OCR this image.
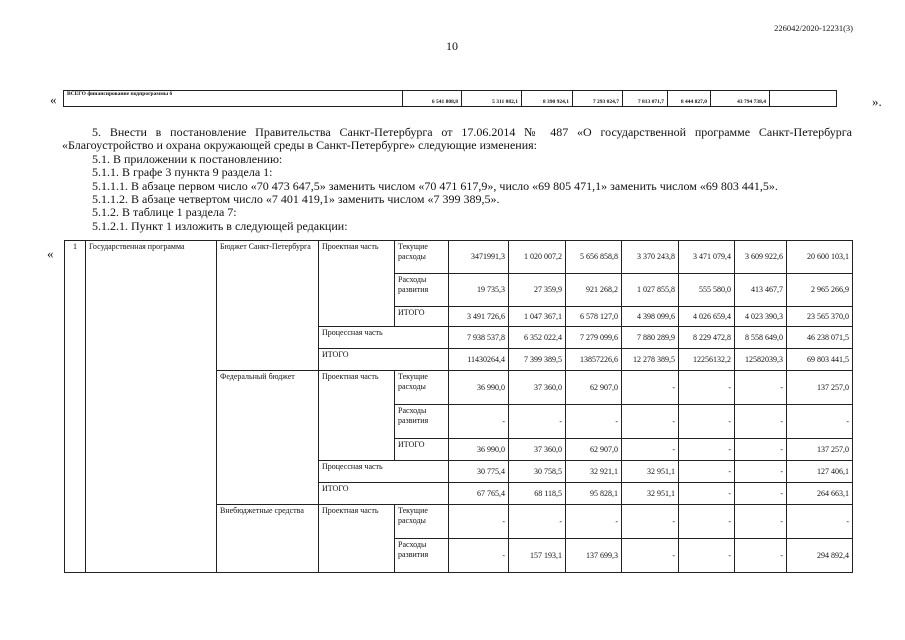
226042/2020-12231(3)
10
« ВСЕГО финансирование подпрограммы 6	6 541 808,8	5 311 082,1	8 390 924,1	7 293 024,7	7 813 071,7	8 444 827,0	43 794 738,4		».

5. Внести в постановление Правительства Санкт-Петербурга от 17.06.2014 № 487 «О государственной программе Санкт-Петербурга «Благоустройство и охрана окружающей среды в Санкт-Петербурге» следующие изменения:

5.1. В приложении к постановлению:

5.1.1. В графе 3 пункта 9 раздела 1:

5.1.1.1. В абзаце первом число «70 473 647,5» заменить числом «70 471 617,9», число «69 805 471,1» заменить числом «69 803 441,5».

5.1.1.2. В абзаце четвертом число «7 401 419,1» заменить числом «7 399 389,5».

5.1.2. В таблице 1 раздела 7:

5.1.2.1. Пункт 1 изложить в следующей редакции:

« 1	Государственная программа	Бюджет Санкт-Петербурга	Проектная часть	Текущие расходы	3471991,3	1 020 007,2	5 656 858,8	3 370 243,8	3 471 079,4	3 609 922,6	20 600 103,1
				Расходы развития	19 735,3	27 359,9	921 268,2	1 027 855,8	555 580,0	413 467,7	2 965 266,9
				ИТОГО	3 491 726,6	1 047 367,1	6 578 127,0	4 398 099,6	4 026 659,4	4 023 390,3	23 565 370,0
			Процессная часть		7 938 537,8	6 352 022,4	7 279 099,6	7 880 289,9	8 229 472,8	8 558 649,0	46 238 071,5
			ИТОГО		11430264,4	7 399 389,5	13857226,6	12 278 389,5	12256132,2	12582039,3	69 803 441,5
		Федеральный бюджет	Проектная часть	Текущие расходы	36 990,0	37 360,0	62 907,0	-	-	-	137 257,0
				Расходы развития	-	-	-	-	-	-	-
				ИТОГО	36 990,0	37 360,0	62 907,0	-	-	-	137 257,0
			Процессная часть		30 775,4	30 758,5	32 921,1	32 951,1	-	-	127 406,1
			ИТОГО		67 765,4	68 118,5	95 828,1	32 951,1	-	-	264 663,1
		Внебюджетные средства	Проектная часть	Текущие расходы	-	-	-	-	-	-	-
				Расходы развития	-	157 193,1	137 699,3	-	-	-	294 892,4
